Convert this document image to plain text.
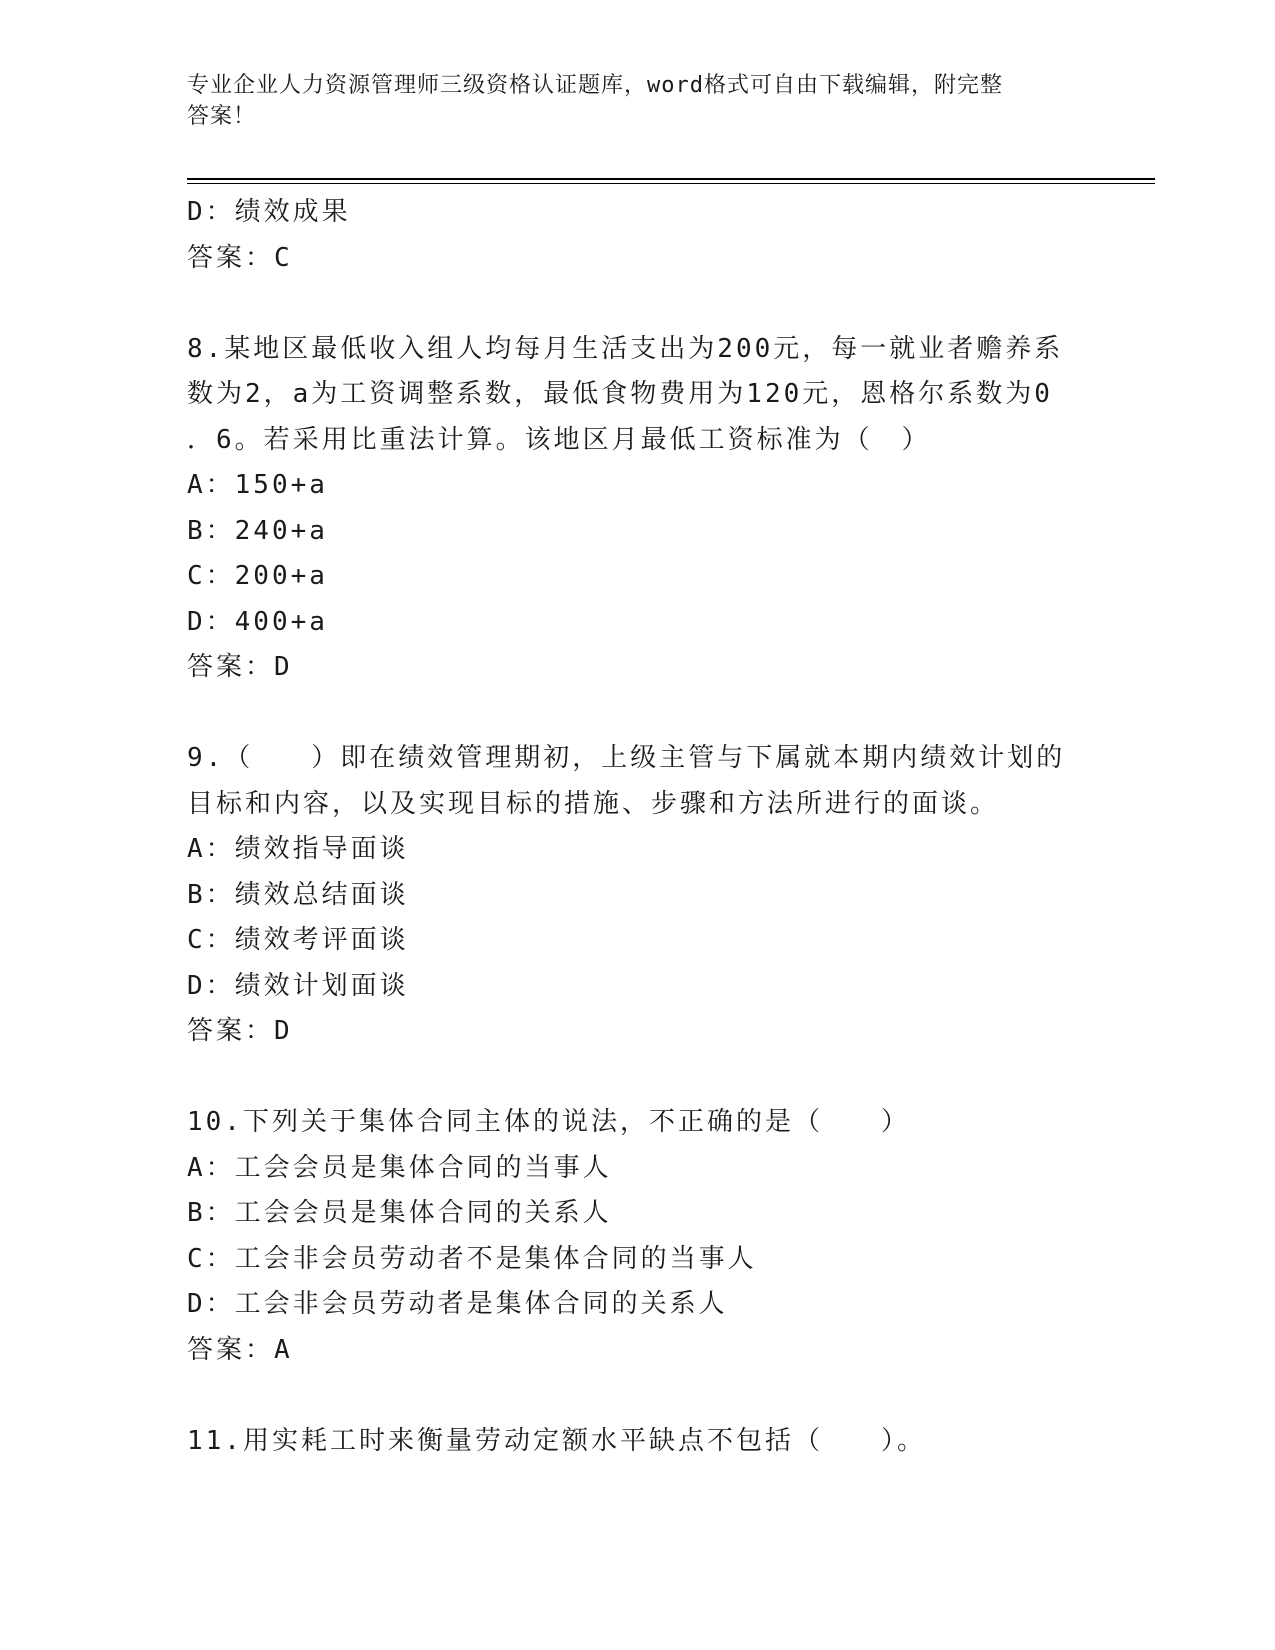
专业企业人力资源管理师三级资格认证题库，word格式可自由下载编辑，附完整
答案！
D：绩效成果
答案：C
8.某地区最低收入组人均每月生活支出为200元，每一就业者赡养系
数为2，a为工资调整系数，最低食物费用为120元，恩格尔系数为0
．6。若采用比重法计算。该地区月最低工资标准为（　）
A：150+a
B：240+a
C：200+a
D：400+a
答案：D
9.（　　）即在绩效管理期初，上级主管与下属就本期内绩效计划的
目标和内容，以及实现目标的措施、步骤和方法所进行的面谈。
A：绩效指导面谈
B：绩效总结面谈
C：绩效考评面谈
D：绩效计划面谈
答案：D
10.下列关于集体合同主体的说法，不正确的是（　　）
A：工会会员是集体合同的当事人
B：工会会员是集体合同的关系人
C：工会非会员劳动者不是集体合同的当事人
D：工会非会员劳动者是集体合同的关系人
答案：A
11.用实耗工时来衡量劳动定额水平缺点不包括（　　）。
